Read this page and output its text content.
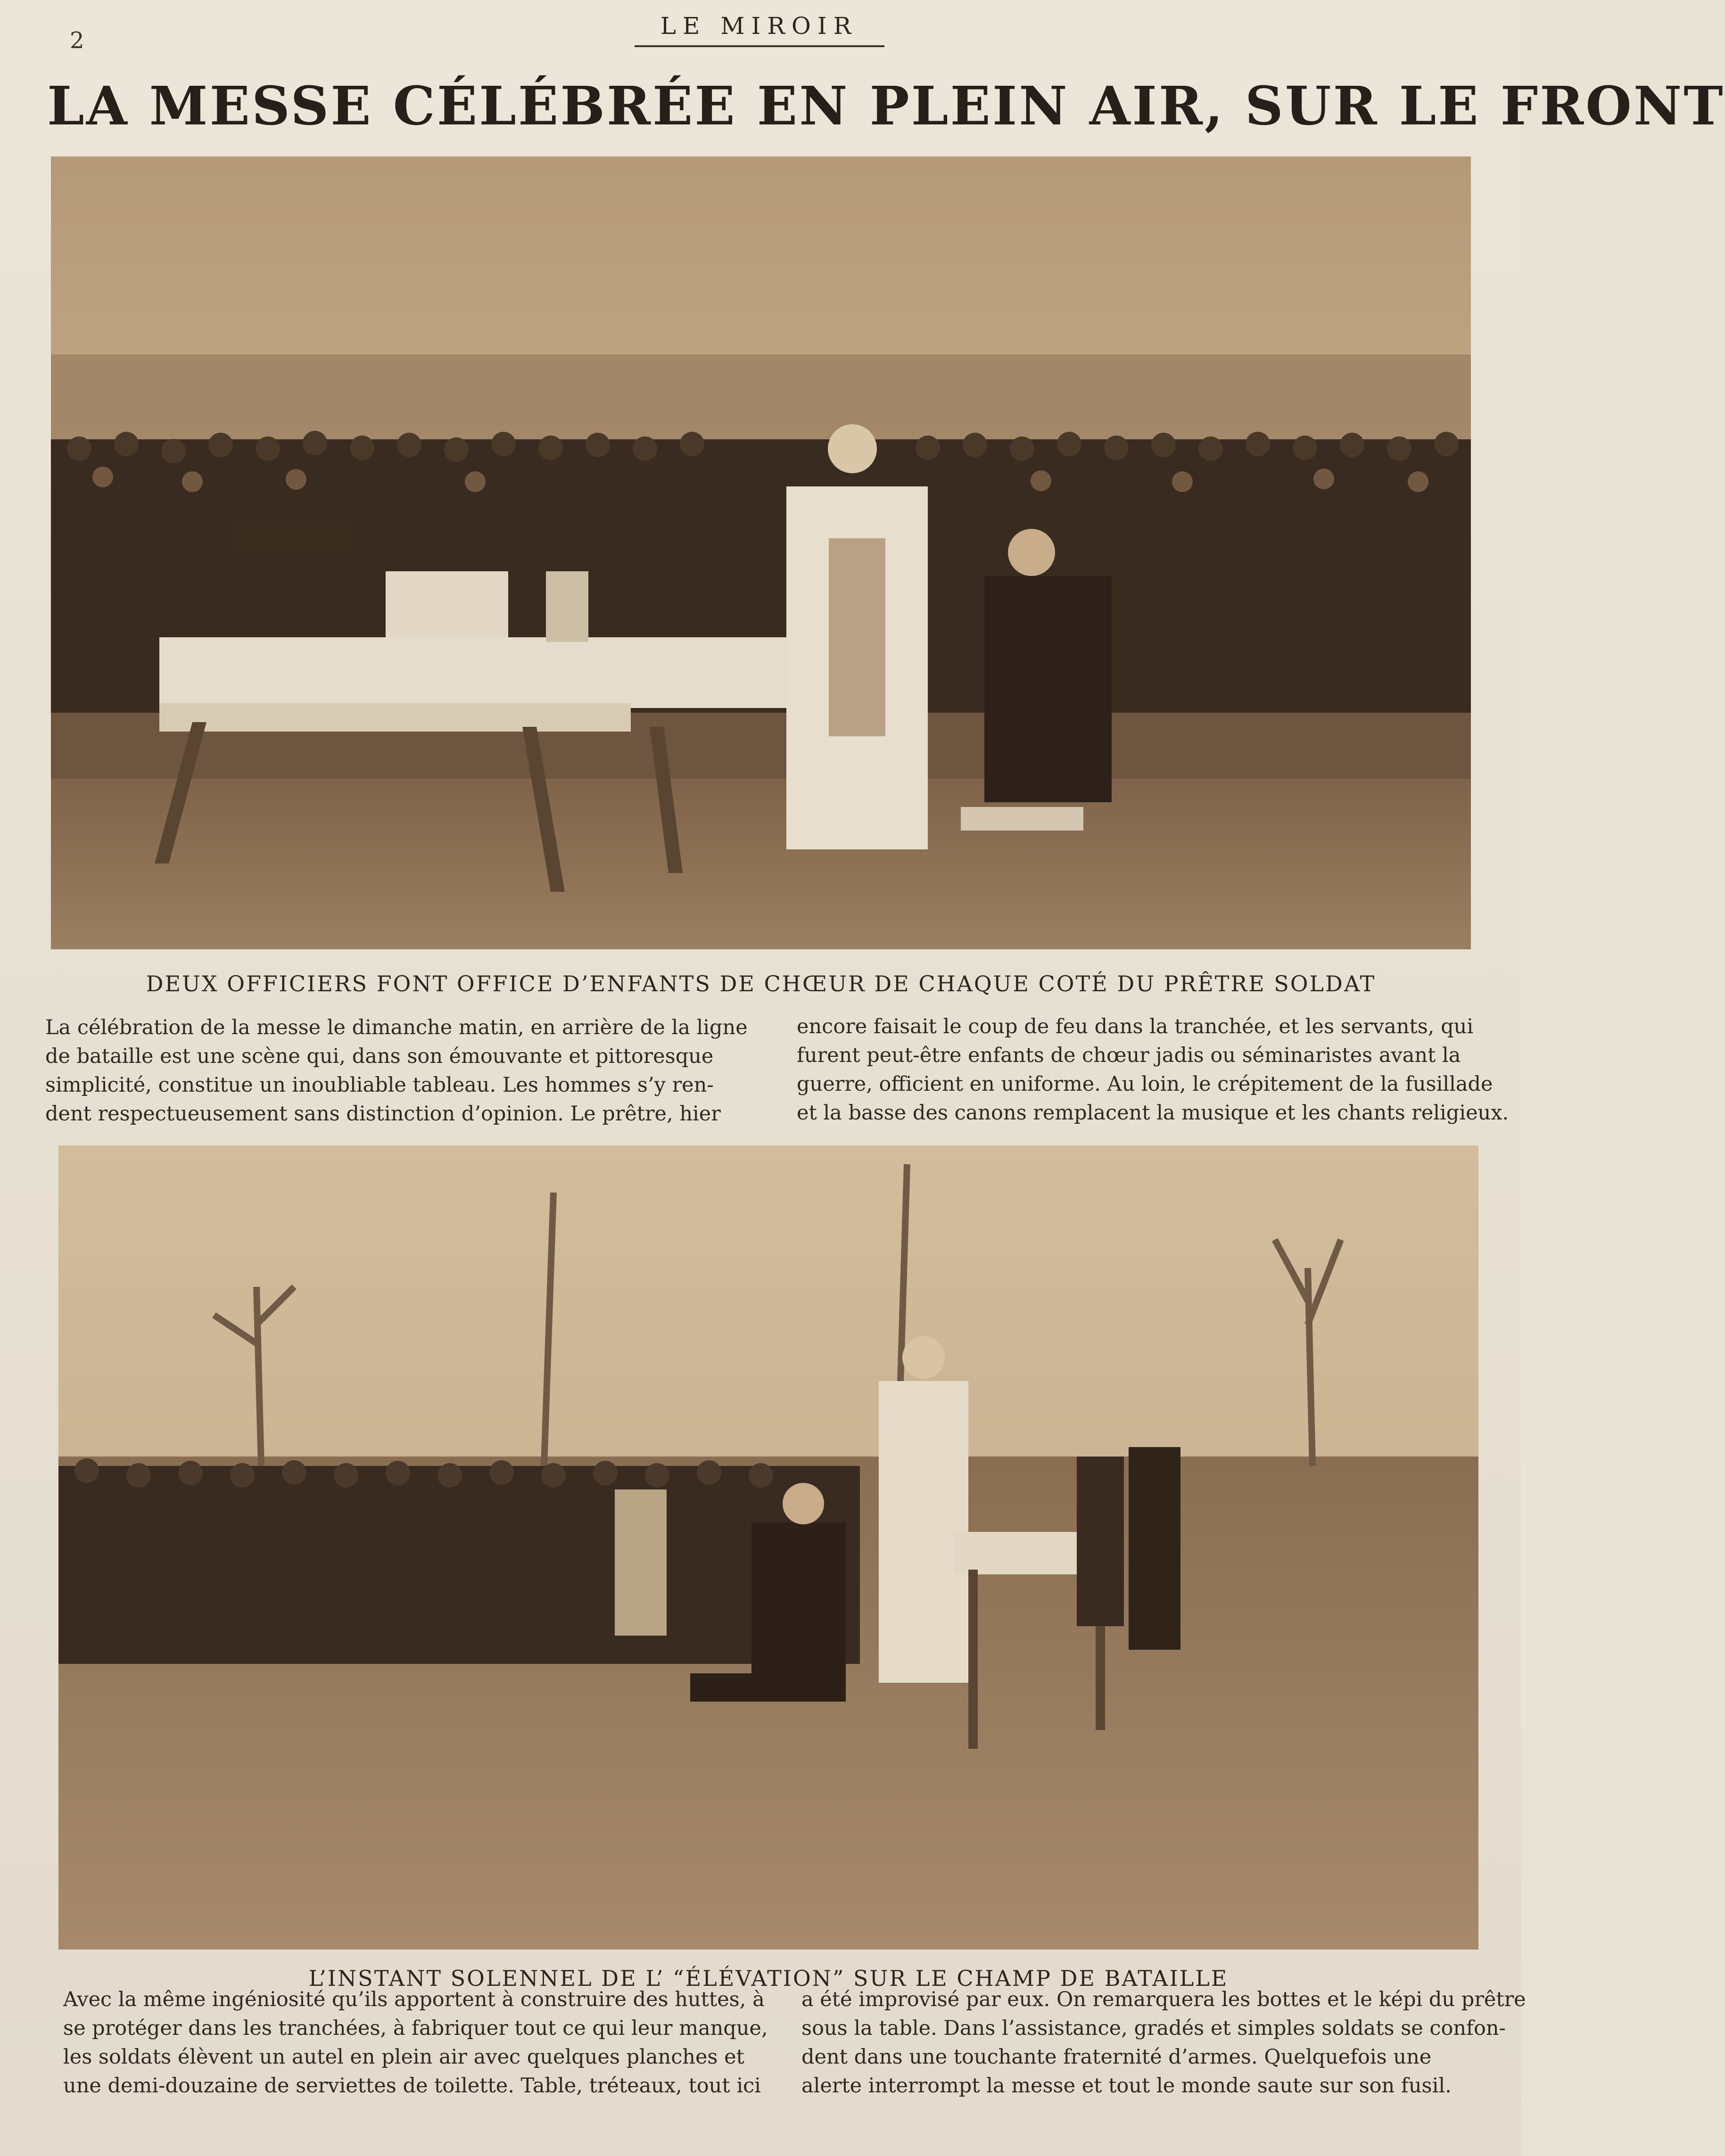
2
LE MIROIR
LA MESSE CÉLÉBRÉE EN PLEIN AIR, SUR LE FRONT
DEUX OFFICIERS FONT OFFICE D’ENFANTS DE CHŒUR DE CHAQUE COTÉ DU PRÊTRE SOLDAT
La célébration de la messe le dimanche matin, en arrière de la ligne
de bataille est une scène qui, dans son émouvante et pittoresque
simplicité, constitue un inoubliable tableau. Les hommes s’y ren-
dent respectueusement sans distinction d’opinion. Le prêtre, hier
encore faisait le coup de feu dans la tranchée, et les servants, qui
furent peut-être enfants de chœur jadis ou séminaristes avant la
guerre, officient en uniforme. Au loin, le crépitement de la fusillade
et la basse des canons remplacent la musique et les chants religieux.
L’INSTANT SOLENNEL DE L’ “ÉLÉVATION” SUR LE CHAMP DE BATAILLE
Avec la même ingéniosité qu’ils apportent à construire des huttes, à
se protéger dans les tranchées, à fabriquer tout ce qui leur manque,
les soldats élèvent un autel en plein air avec quelques planches et
une demi-douzaine de serviettes de toilette. Table, tréteaux, tout ici
a été improvisé par eux. On remarquera les bottes et le képi du prêtre
sous la table. Dans l’assistance, gradés et simples soldats se confon-
dent dans une touchante fraternité d’armes. Quelquefois une
alerte interrompt la messe et tout le monde saute sur son fusil.
